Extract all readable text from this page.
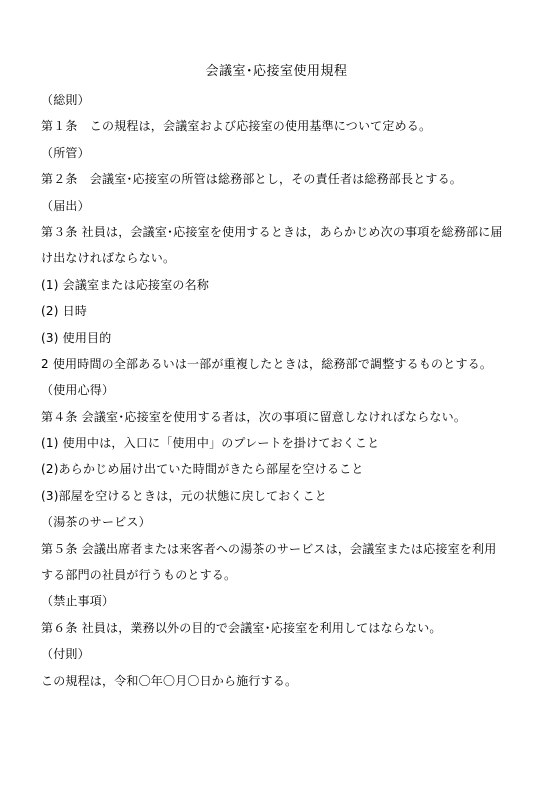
会議室･応接室使用規程
（総則）
第１条　この規程は，会議室および応接室の使用基準について定める。
（所管）
第２条　会議室･応接室の所管は総務部とし，その責任者は総務部長とする。
（届出）
第３条 社員は，会議室･応接室を使用するときは，あらかじめ次の事項を総務部に届
け出なければならない。
(1) 会議室または応接室の名称
(2) 日時
(3) 使用目的
2 使用時間の全部あるいは一部が重複したときは，総務部で調整するものとする。
（使用心得）
第４条 会議室･応接室を使用する者は，次の事項に留意しなければならない。
(1) 使用中は，入口に「使用中」のプレートを掛けておくこと
(2)あらかじめ届け出ていた時間がきたら部屋を空けること
(3)部屋を空けるときは，元の状態に戻しておくこと
（湯茶のサービス）
第５条 会議出席者または来客者への湯茶のサービスは，会議室または応接室を利用
する部門の社員が行うものとする。
（禁止事項）
第６条 社員は，業務以外の目的で会議室･応接室を利用してはならない。
（付則）
この規程は，令和〇年〇月〇日から施行する。
